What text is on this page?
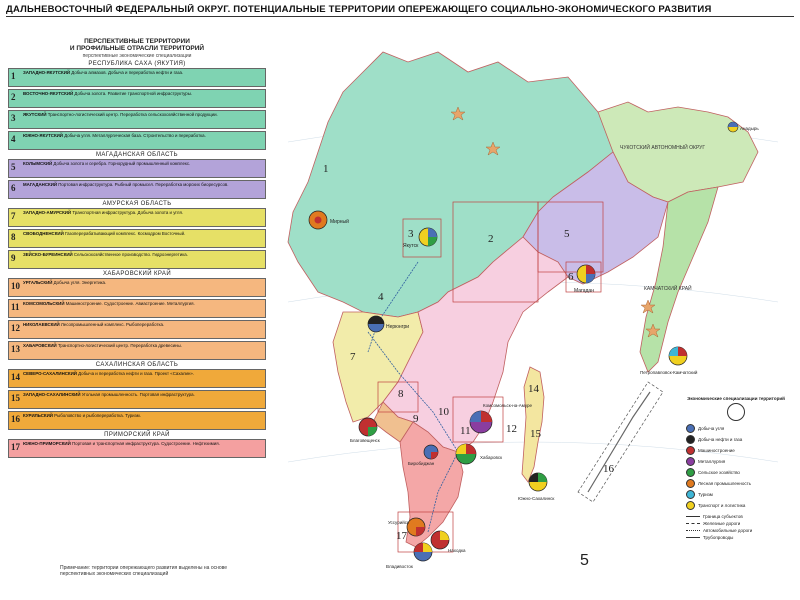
ДАЛЬНЕВОСТОЧНЫЙ ФЕДЕРАЛЬНЫЙ ОКРУГ. ПОТЕНЦИАЛЬНЫЕ ТЕРРИТОРИИ ОПЕРЕЖАЮЩЕГО СОЦИАЛЬНО-ЭКОНОМИЧЕСКОГО РАЗВИТИЯ
ПЕРСПЕКТИВНЫЕ ТЕРРИТОРИИ
И ПРОФИЛЬНЫЕ ОТРАСЛИ ТЕРРИТОРИЙ
перспективные экономические специализации
РЕСПУБЛИКА САХА (ЯКУТИЯ)
1 ЗАПАДНО-ЯКУТСКИЙ Добыча алмазов. Добыча и переработка нефти и газа.
2 ВОСТОЧНО-ЯКУТСКИЙ Добыча золота. Развитие транспортной инфраструктуры.
3 ЯКУТСКИЙ Транспортно-логистический центр. Переработка сельскохозяйственной продукции.
4 ЮЖНО-ЯКУТСКИЙ Добыча угля. Металлургическая база. Строительство и переработка.
МАГАДАНСКАЯ ОБЛАСТЬ
5 КОЛЫМСКИЙ Добыча золота и серебра. Горнорудный промышленный комплекс.
6 МАГАДАНСКИЙ Портовая инфраструктура. Рыбный промысел. Переработка морских биоресурсов.
АМУРСКАЯ ОБЛАСТЬ
7 ЗАПАДНО-АМУРСКИЙ Транспортная инфраструктура. Добыча золота и угля.
8 СВОБОДНЕНСКИЙ Газоперерабатывающий комплекс. Космодром Восточный.
9 ЗЕЙСКО-БУРЕИНСКИЙ Сельскохозяйственное производство. Гидроэнергетика.
ХАБАРОВСКИЙ КРАЙ
10 УРГАЛЬСКИЙ Добыча угля. Энергетика.
11 КОМСОМОЛЬСКИЙ Машиностроение. Судостроение. Авиастроение. Металлургия.
12 НИКОЛАЕВСКИЙ Лесопромышленный комплекс. Рыбопереработка.
13 ХАБАРОВСКИЙ Транспортно-логистический центр. Переработка древесины.
САХАЛИНСКАЯ ОБЛАСТЬ
14 СЕВЕРО-САХАЛИНСКИЙ Добыча и переработка нефти и газа. Проект «Сахалин».
15 ЗАПАДНО-САХАЛИНСКИЙ Угольная промышленность. Портовая инфраструктура.
16 КУРИЛЬСКИЙ Рыболовство и рыбопереработка. Туризм.
ПРИМОРСКИЙ КРАЙ
17 ЮЖНО-ПРИМОРСКИЙ Портовая и транспортная инфраструктура. Судостроение. Нефтехимия.
1
2
3
4
5
6
7
8
9
10
11	12
14
15
16
17
ЧУКОТСКИЙ АВТОНОМНЫЙ ОКРУГ
КАМЧАТСКИЙ КРАЙ
Мирный
Якутск
Нерюнгри
Магадан
Анадырь
Петропавловск-Камчатский
Благовещенск
Комсомольск-на-Амуре
Хабаровск
Биробиджан
Южно-Сахалинск
Уссурийск
Находка
Владивосток
Экономические специализации территорий
Добыча угля
Добыча нефти и газа
Машиностроение
Металлургия
Сельское хозяйство
Лесная промышленность
Туризм
Транспорт и логистика
Граница субъектов
Железные дороги
Автомобильные дороги
Трубопроводы
Примечание: территории опережающего развития выделены на основе перспективных экономических специализаций
5
